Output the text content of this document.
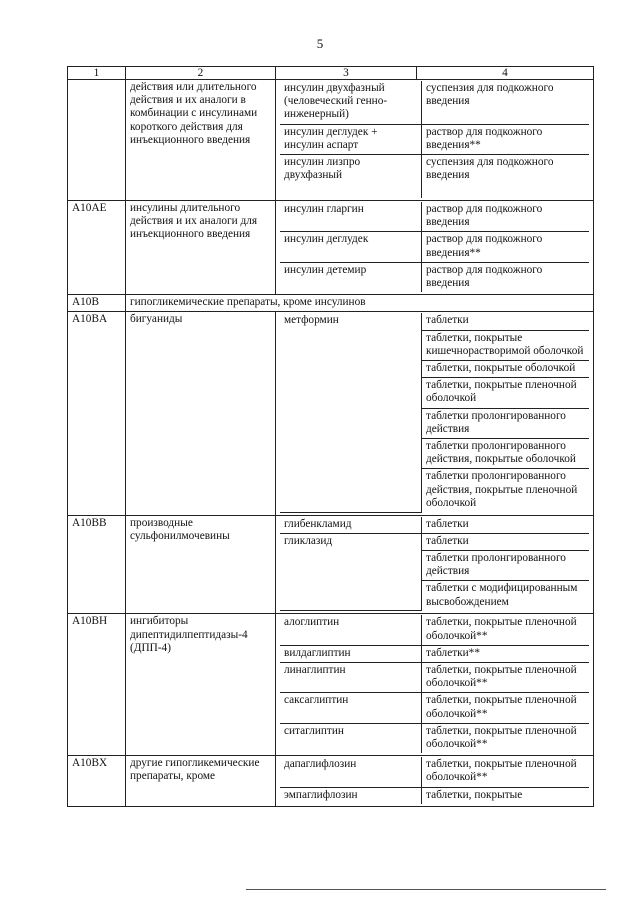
5
1	2	3	4
	действия или длительного действия и их аналоги в комбинации с инсулинами короткого действия для инъекционного введения	
инсулин двухфазный (человеческий генно-инженерный)	суспензия для подкожного введения
инсулин деглудек + инсулин аспарт	раствор для подкожного введения**
инсулин лизпро двухфазный	суспензия для подкожного введения

A10AE	инсулины длительного действия и их аналоги для инъекционного введения	
инсулин гларгин	раствор для подкожного введения
инсулин деглудек	раствор для подкожного введения**
инсулин детемир	раствор для подкожного введения

A10B	гипогликемические препараты, кроме инсулинов
A10BA	бигуаниды		метформин	таблетки
таблетки, покрытые кишечнорастворимой оболочкой
таблетки, покрытые оболочкой
таблетки, покрытые пленочной оболочкой
таблетки пролонгированного действия
таблетки пролонгированного действия, покрытые оболочкой
таблетки пролонгированного действия, покрытые пленочной оболочкой

A10BB	производные сульфонилмочевины	
глибенкламид	таблетки
гликлазид	таблетки
таблетки пролонгированного действия
таблетки с модифицированным высвобождением

A10BH	ингибиторы дипептидилпептидазы-4 (ДПП-4)	
алоглиптин	таблетки, покрытые пленочной оболочкой**
вилдаглиптин	таблетки**
линаглиптин	таблетки, покрытые пленочной оболочкой**
саксаглиптин	таблетки, покрытые пленочной оболочкой**
ситаглиптин	таблетки, покрытые пленочной оболочкой**

A10BX	другие гипогликемические препараты, кроме	
дапаглифлозин	таблетки, покрытые пленочной оболочкой**
эмпаглифлозин	таблетки, покрытые
